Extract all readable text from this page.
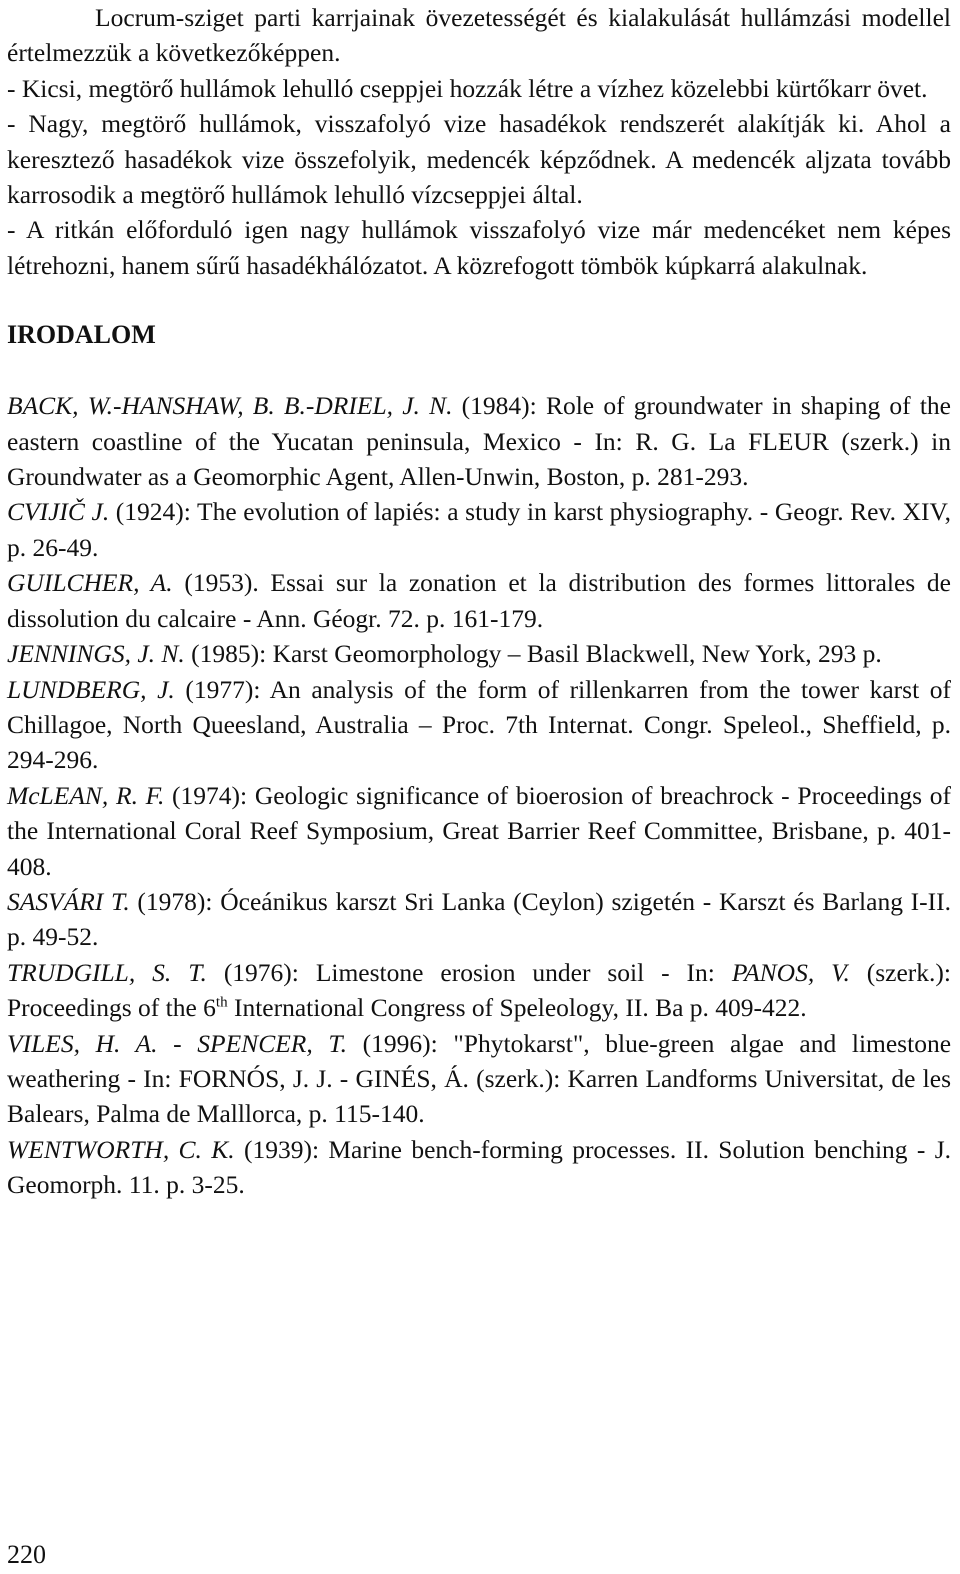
Locrum-sziget parti karrjainak övezetességét és kialakulását hullámzási modellel értelmezzük a következőképpen.

- Kicsi, megtörő hullámok lehulló cseppjei hozzák létre a vízhez közelebbi kürtőkarr övet.

- Nagy, megtörő hullámok, visszafolyó vize hasadékok rendszerét alakítják ki. Ahol a keresztező hasadékok vize összefolyik, medencék képződnek. A medencék aljzata tovább karrosodik a megtörő hullámok lehulló vízcseppjei által.

- A ritkán előforduló igen nagy hullámok visszafolyó vize már medencéket nem képes létrehozni, hanem sűrű hasadékhálózatot. A közrefogott tömbök kúpkarrá alakulnak.

IRODALOM

BACK, W.-HANSHAW, B. B.-DRIEL, J. N. (1984): Role of groundwater in shaping of the eastern coastline of the Yucatan peninsula, Mexico - In: R. G. La FLEUR (szerk.) in Groundwater as a Geomorphic Agent, Allen-Unwin, Boston, p. 281-293.

CVIJIČ J. (1924): The evolution of lapiés: a study in karst physiography. - Geogr. Rev. XIV, p. 26-49.

GUILCHER, A. (1953). Essai sur la zonation et la distribution des formes littorales de dissolution du calcaire - Ann. Géogr. 72. p. 161-179.

JENNINGS, J. N. (1985): Karst Geomorphology – Basil Blackwell, New York, 293 p.

LUNDBERG, J. (1977): An analysis of the form of rillenkarren from the tower karst of Chillagoe, North Queesland, Australia – Proc. 7th Internat. Congr. Speleol., Sheffield, p. 294-296.

McLEAN, R. F. (1974): Geologic significance of bioerosion of breachrock - Proceedings of the International Coral Reef Symposium, Great Barrier Reef Committee, Brisbane, p. 401-408.

SASVÁRI T. (1978): Óceánikus karszt Sri Lanka (Ceylon) szigetén - Karszt és Barlang I-II. p. 49-52.

TRUDGILL, S. T. (1976): Limestone erosion under soil - In: PANOS, V. (szerk.): Proceedings of the 6th International Congress of Speleology, II. Ba p. 409-422.

VILES, H. A. - SPENCER, T. (1996): "Phytokarst", blue-green algae and limestone weathering - In: FORNÓS, J. J. - GINÉS, Á. (szerk.): Karren Landforms Universitat, de les Balears, Palma de Malllorca, p. 115-140.

WENTWORTH, C. K. (1939): Marine bench-forming processes. II. Solution benching - J. Geomorph. 11. p. 3-25.

220
